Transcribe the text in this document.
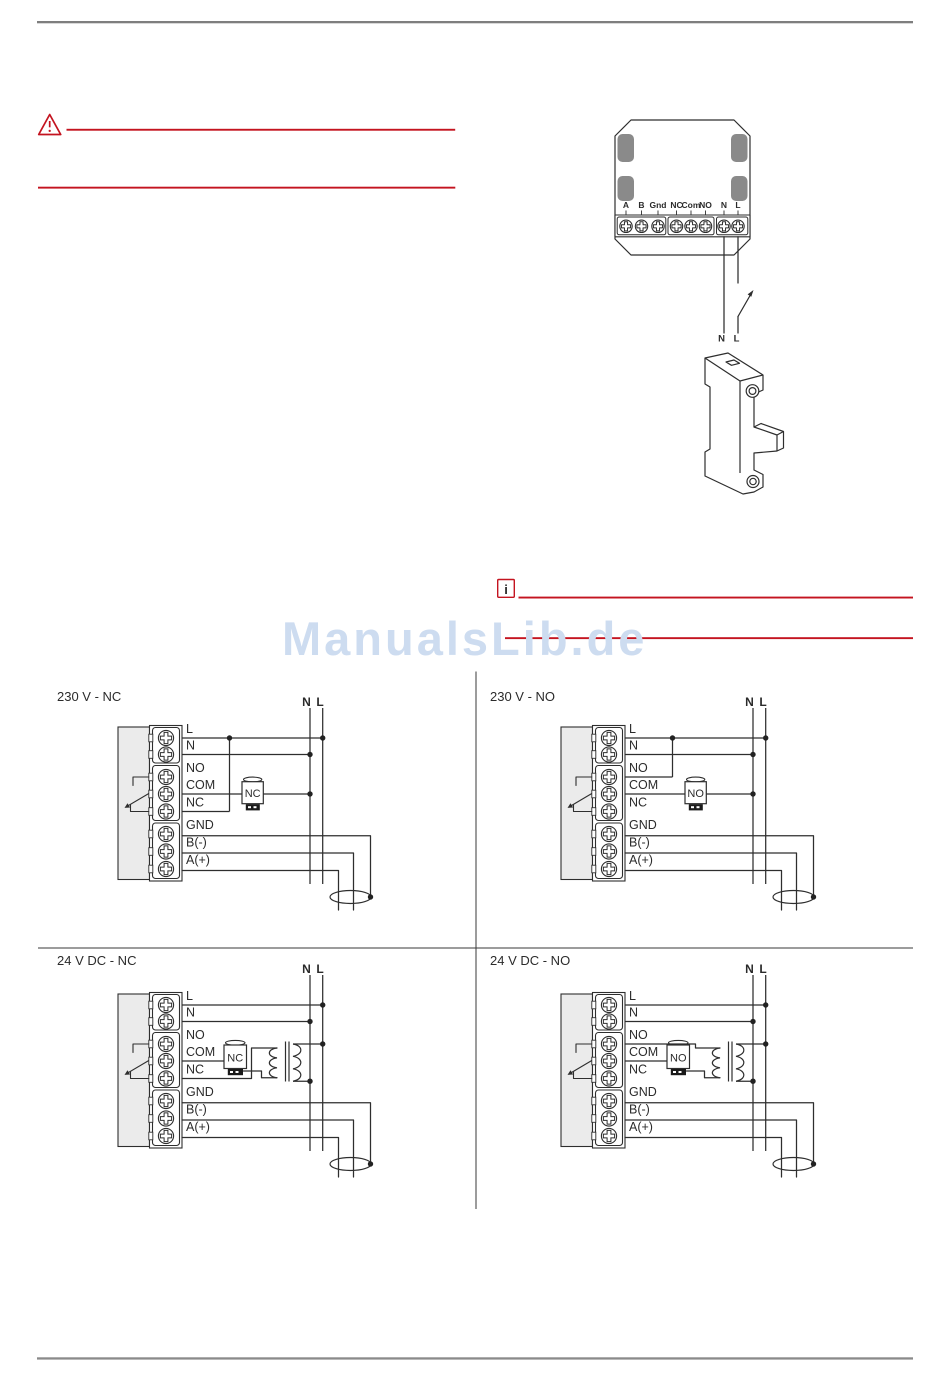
i
A B Gnd NC
Com
NO N L
N L
230 V - NC
L
N
NO
COM
NC
GND
B(-)
A(+)
N L
NC
230 V - NO
L
N
NO
COM
NC
GND
B(-)
A(+)
N L
NO
24 V DC - NC
L
N
NO
COM
NC
GND
B(-)
A(+)
N L
NC
24 V DC - NO
L
N
NO
COM
NC
GND
B(-)
A(+)
N L
NO
ManualsLib.de
